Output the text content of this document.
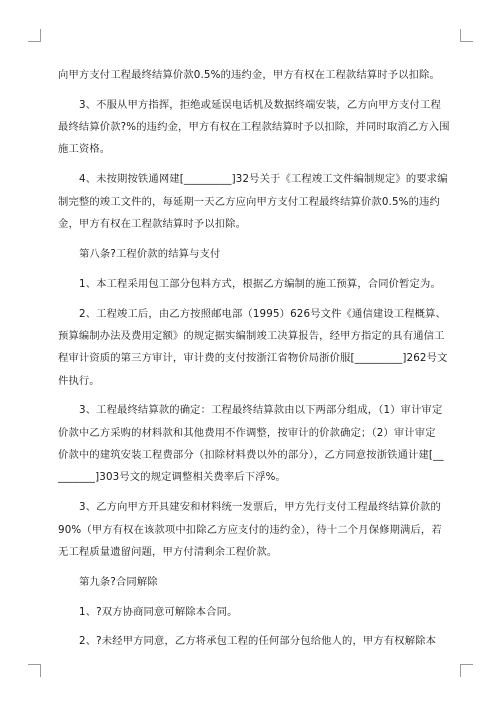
向甲方支付工程最终结算价款0.5%的违约金，甲方有权在工程款结算时予以扣除。
3、不服从甲方指挥，拒绝或延误电话机及数据终端安装，乙方向甲方支付工程
最终结算价款?%的违约金，甲方有权在工程款结算时予以扣除，并同时取消乙方入围
施工资格。
4、未按期按铁通网建[_________]32号关于《工程竣工文件编制规定》的要求编
制完整的竣工文件的，每延期一天乙方应向甲方支付工程最终结算价款0.5%的违约
金，甲方有权在工程款结算时予以扣除。
第八条?工程价款的结算与支付
1、本工程采用包工部分包料方式，根据乙方编制的施工预算，合同价暂定为。
2、工程竣工后，由乙方按照邮电部（1995）626号文件《通信建设工程概算、
预算编制办法及费用定额》的规定据实编制竣工决算报告，经甲方指定的具有通信工
程审计资质的第三方审计，审计费的支付按浙江省物价局浙价服[_________]262号文
件执行。
3、工程最终结算款的确定：工程最终结算款由以下两部分组成，（1）审计审定
价款中乙方采购的材料款和其他费用不作调整，按审计的价款确定；（2）审计审定
价款中的建筑安装工程费部分（扣除材料费以外的部分），乙方同意按浙铁通计建[__
_______]303号文的规定调整相关费率后下浮%。
3、乙方向甲方开具建安和材料统一发票后，甲方先行支付工程最终结算价款的
90%（甲方有权在该款项中扣除乙方应支付的违约金），待十二个月保修期满后，若
无工程质量遗留问题，甲方付清剩余工程价款。
第九条?合同解除
1、?双方协商同意可解除本合同。
2、?未经甲方同意，乙方将承包工程的任何部分包给他人的，甲方有权解除本
